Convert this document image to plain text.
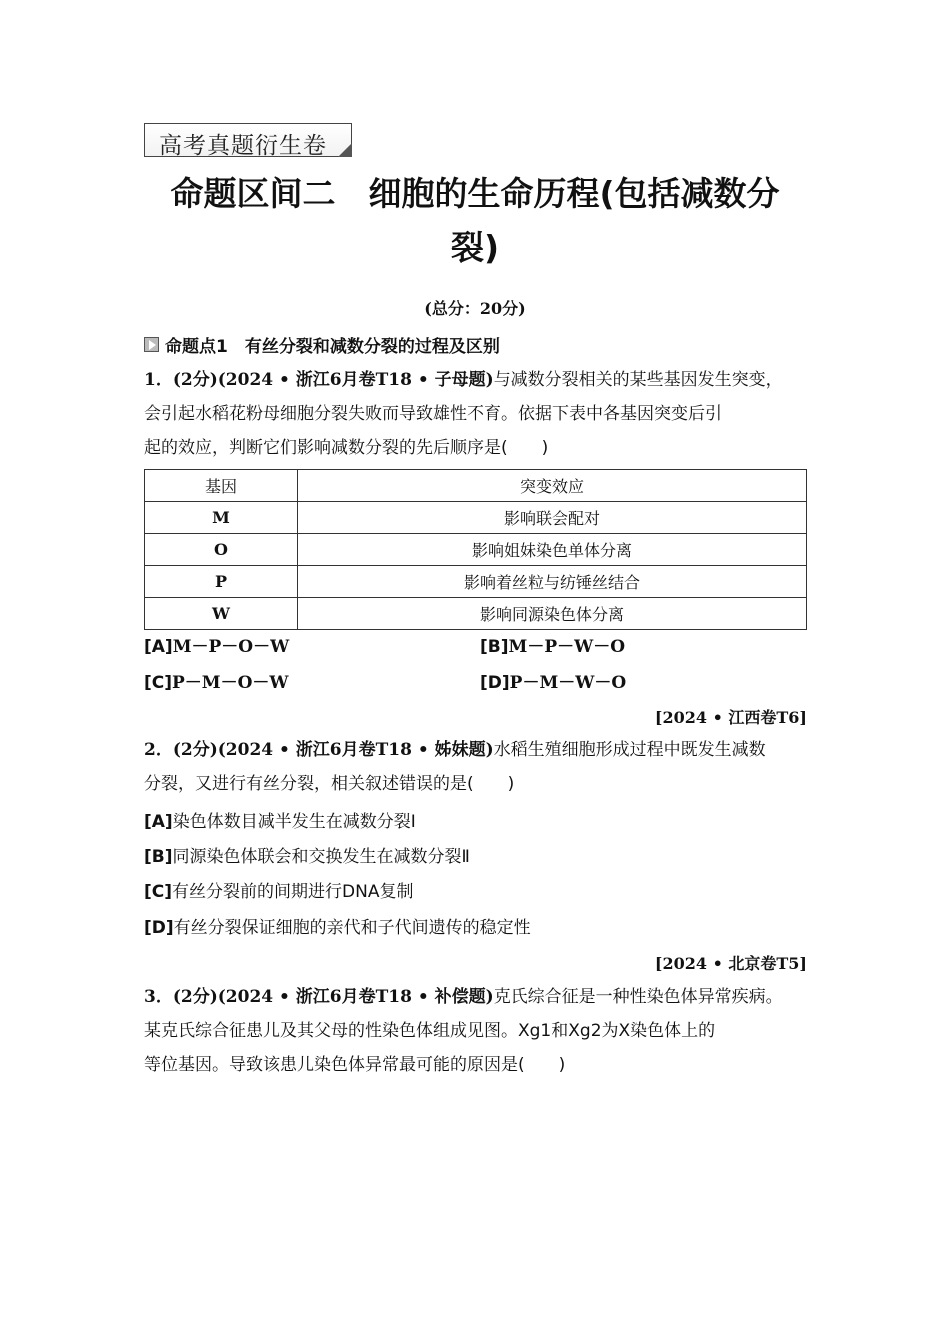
高考真题衍生卷
命题区间二　细胞的生命历程(包括减数分
裂)
(总分：20分)
命题点1　有丝分裂和减数分裂的过程及区别
1．(2分)(2024 • 浙江6月卷T18 • 子母题)与减数分裂相关的某些基因发生突变，
会引起水稻花粉母细胞分裂失败而导致雄性不育。依据下表中各基因突变后引
起的效应，判断它们影响减数分裂的先后顺序是(　　)
基因	突变效应
M	影响联会配对
O	影响姐妹染色单体分离
P	影响着丝粒与纺锤丝结合
W	影响同源染色体分离
[A]M－P－O－W	[B]M－P－W－O
[C]P－M－O－W	[D]P－M－W－O
[2024 • 江西卷T6]
2．(2分)(2024 • 浙江6月卷T18 • 姊妹题)水稻生殖细胞形成过程中既发生减数
分裂，又进行有丝分裂，相关叙述错误的是(　　)
[A]染色体数目减半发生在减数分裂Ⅰ
[B]同源染色体联会和交换发生在减数分裂Ⅱ
[C]有丝分裂前的间期进行DNA复制
[D]有丝分裂保证细胞的亲代和子代间遗传的稳定性
[2024 • 北京卷T5]
3．(2分)(2024 • 浙江6月卷T18 • 补偿题)克氏综合征是一种性染色体异常疾病。
某克氏综合征患儿及其父母的性染色体组成见图。Xg1和Xg2为X染色体上的
等位基因。导致该患儿染色体异常最可能的原因是(　　)
